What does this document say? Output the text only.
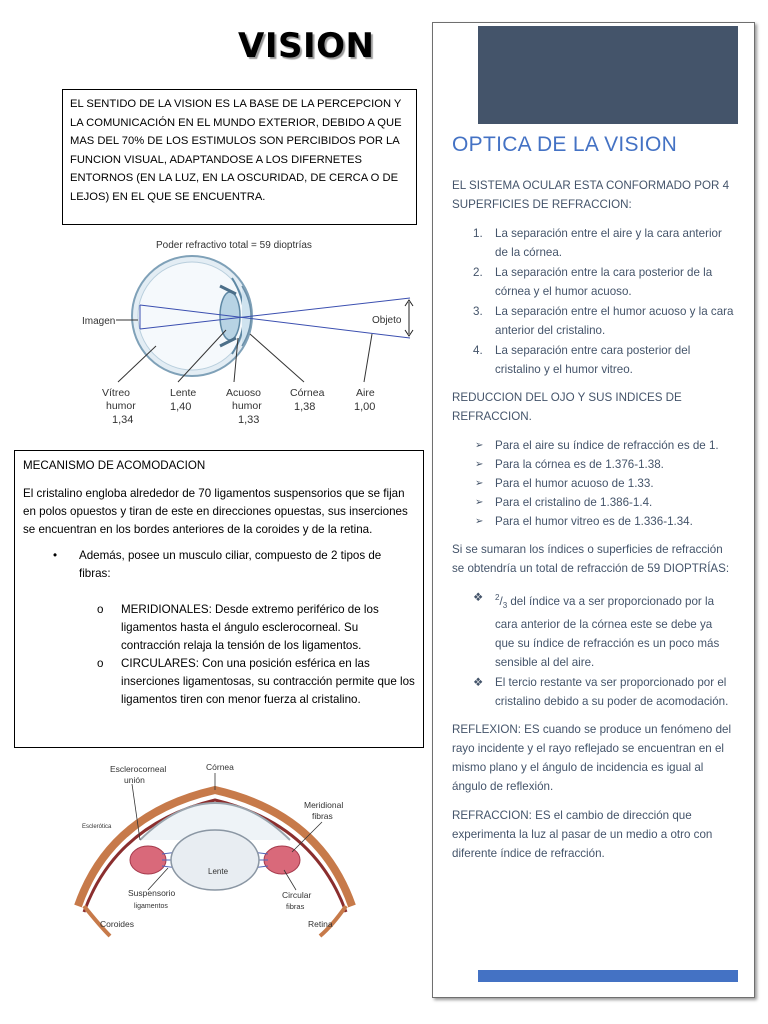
VISION
EL SENTIDO DE LA VISION ES LA BASE DE LA PERCEPCION Y LA COMUNICACIÓN EN EL MUNDO EXTERIOR, DEBIDO A QUE MAS DEL 70% DE LOS ESTIMULOS SON PERCIBIDOS POR LA FUNCION VISUAL, ADAPTANDOSE A LOS DIFERNETES ENTORNOS (EN LA LUZ, EN LA OSCURIDAD, DE CERCA O DE LEJOS) EN EL QUE SE ENCUENTRA.
Poder refractivo total = 59 dioptrías
Objeto
Imagen
Vítreo
humor
1,34
Lente
1,40
Acuoso
humor
1,33
Córnea
1,38
Aire
1,00

MECANISMO DE ACOMODACION

El cristalino engloba alrededor de 70 ligamentos suspensorios que se fijan en polos opuestos y tiran de este en direcciones opuestas, sus inserciones se encuentran en los bordes anteriores de la coroides y de la retina.

• Además, posee un musculo ciliar, compuesto de 2 tipos de fibras:
o MERIDIONALES: Desde extremo periférico de los ligamentos hasta el ángulo esclerocorneal. Su contracción relaja la tensión de los ligamentos.
o CIRCULARES: Con una posición esférica en las inserciones ligamentosas, su contracción permite que los ligamentos tiren con menor fuerza al cristalino.
Esclerocorneal
unión
Córnea
Meridional
fibras
Esclerótica
Lente
Suspensorio
ligamentos
Circular
fibras
Coroides	Retina
OPTICA DE LA VISION

EL SISTEMA OCULAR ESTA CONFORMADO POR 4 SUPERFICIES DE REFRACCION:

1. La separación entre el aire y la cara anterior de la córnea.
2. La separación entre la cara posterior de la córnea y el humor acuoso.
3. La separación entre el humor acuoso y la cara anterior del cristalino.
4. La separación entre cara posterior del cristalino y el humor vitreo.

REDUCCION DEL OJO Y SUS INDICES DE REFRACCION.

➢ Para el aire su índice de refracción es de 1.
➢ Para la córnea es de 1.376-1.38.
➢ Para el humor acuoso de 1.33.
➢ Para el cristalino de 1.386-1.4.
➢ Para el humor vitreo es de 1.336-1.34.

Si se sumaran los índices o superficies de refracción se obtendría un total de refracción de 59 DIOPTRÍAS:

❖ $^2/_3$ del índice va a ser proporcionado por la cara anterior de la córnea este se debe ya que su índice de refracción es un poco más sensible al del aire.
❖ El tercio restante va ser proporcionado por el cristalino debido a su poder de acomodación.

REFLEXION: ES cuando se produce un fenómeno del rayo incidente y el rayo reflejado se encuentran en el mismo plano y el ángulo de incidencia es igual al ángulo de reflexión.

REFRACCION: ES el cambio de dirección que experimenta la luz al pasar de un medio a otro con diferente índice de refracción.
